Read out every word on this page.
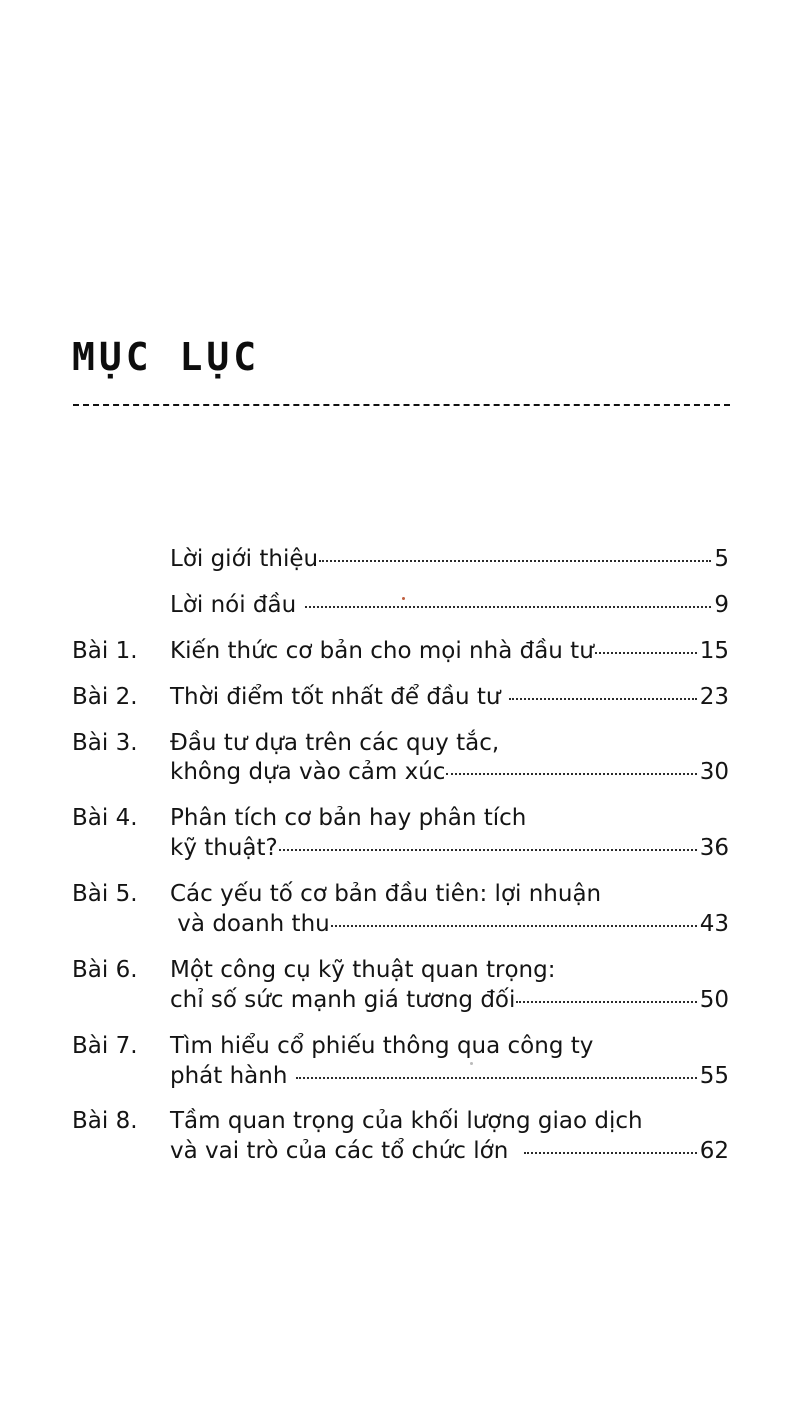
MỤC LỤC
Lời giới thiệu	5
Lời nói đầu	9
Bài 1.	Kiến thức cơ bản cho mọi nhà đầu tư	15
Bài 2.	Thời điểm tốt nhất để đầu tư	23
Bài 3.	Đầu tư dựa trên các quy tắc,
không dựa vào cảm xúc	30
Bài 4.	Phân tích cơ bản hay phân tích
kỹ thuật?	36
Bài 5.	Các yếu tố cơ bản đầu tiên: lợi nhuận
và doanh thu	43
Bài 6.	Một công cụ kỹ thuật quan trọng:
chỉ số sức mạnh giá tương đối	50
Bài 7.	Tìm hiểu cổ phiếu thông qua công ty
phát hành	55
Bài 8.	Tầm quan trọng của khối lượng giao dịch
và vai trò của các tổ chức lớn	62
